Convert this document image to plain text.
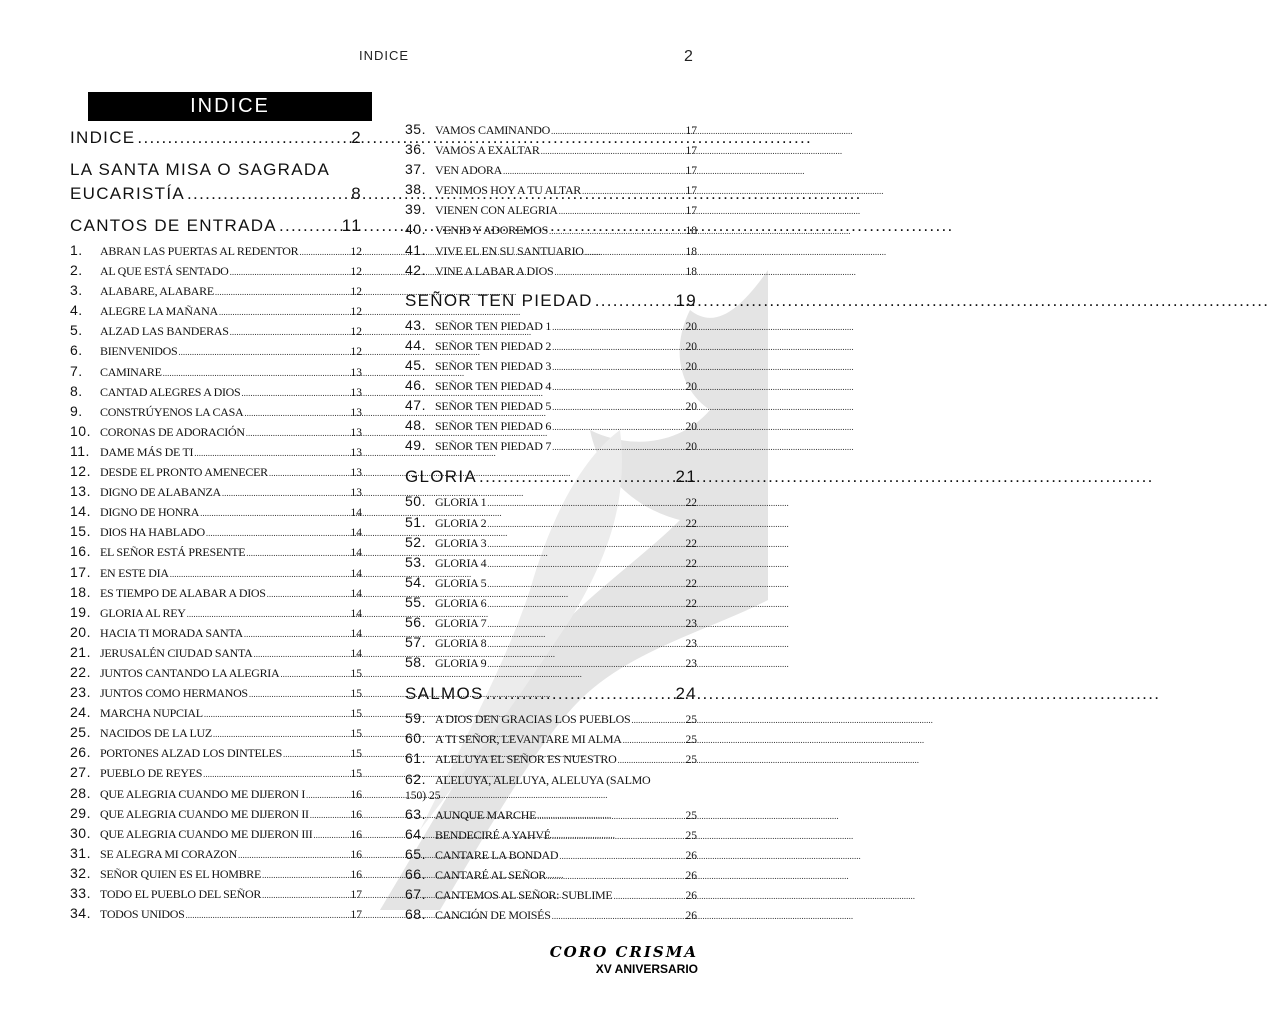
INDICE	2
INDICE
INDICE .....	2
LA SANTA MISA O SAGRADA
EUCARISTÍA .....	8
CANTOS DE ENTRADA .....	11
1.	ABRAN LAS PUERTAS AL REDENTOR .....	12
2.	AL QUE ESTÁ SENTADO .....	12
3.	ALABARE, ALABARE .....	12
4.	ALEGRE LA MAÑANA .....	12
5.	ALZAD LAS BANDERAS .....	12
6.	BIENVENIDOS .....	12
7.	CAMINARE .....	13
8.	CANTAD ALEGRES A DIOS .....	13
9.	CONSTRÚYENOS LA CASA .....	13
10. CORONAS DE ADORACIÓN .....	13
11. DAME MÁS DE TI .....	13
12. DESDE EL PRONTO AMENECER .....	13
13. DIGNO DE ALABANZA .....	13
14. DIGNO DE HONRA .....	14
15. DIOS HA HABLADO .....	14
16. EL SEÑOR ESTÁ PRESENTE .....	14
17. EN ESTE DIA .....	14
18. ES TIEMPO DE ALABAR A DIOS .....	14
19. GLORIA AL REY .....	14
20. HACIA TI MORADA SANTA .....	14
21. JERUSALÉN CIUDAD SANTA .....	14
22. JUNTOS CANTANDO LA ALEGRIA .....	15
23. JUNTOS COMO HERMANOS .....	15
24. MARCHA NUPCIAL .....	15
25. NACIDOS DE LA LUZ .....	15
26. PORTONES ALZAD LOS DINTELES .....	15
27. PUEBLO DE REYES .....	15
28. QUE ALEGRIA CUANDO ME DIJERON I .....	16
29. QUE ALEGRIA CUANDO ME DIJERON II .....	16
30. QUE ALEGRIA CUANDO ME DIJERON III .....	16
31. SE ALEGRA MI CORAZON .....	16
32. SEÑOR QUIEN ES EL HOMBRE .....	16
33. TODO EL PUEBLO DEL SEÑOR .....	17
34. TODOS UNIDOS .....	17
35. VAMOS CAMINANDO .....	17
36. VAMOS A EXALTAR .....	17
37. VEN ADORA .....	17
38. VENIMOS HOY A TU ALTAR .....	17
39. VIENEN CON ALEGRIA .....	17
40. VENID Y ADOREMOS .....	18
41. VIVE EL EN SU SANTUARIO .....	18
42. VINE A LABAR A DIOS .....	18
SEÑOR TEN PIEDAD .....	19
43. SEÑOR TEN PIEDAD 1 .....	20
44. SEÑOR TEN PIEDAD 2 .....	20
45. SEÑOR TEN PIEDAD 3 .....	20
46. SEÑOR TEN PIEDAD 4 .....	20
47. SEÑOR TEN PIEDAD 5 .....	20
48. SEÑOR TEN PIEDAD 6 .....	20
49. SEÑOR TEN PIEDAD 7 .....	20
GLORIA .....	21
50. GLORIA 1 .....	22
51. GLORIA 2 .....	22
52. GLORIA 3 .....	22
53. GLORIA 4 .....	22
54. GLORIA 5 .....	22
55. GLORIA 6 .....	22
56. GLORIA 7 .....	23
57. GLORIA 8 .....	23
58. GLORIA 9 .....	23
SALMOS .....	24
59. A DIOS DEN GRACIAS LOS PUEBLOS .....	25
60. A TI SEÑOR, LEVANTARE MI ALMA .....	25
61. ALELUYA EL SEÑOR ES NUESTRO .....	25
62. ALELUYA, ALELUYA, ALELUYA (SALMO
150) 25
63. AUNQUE MARCHE .....	25
64. BENDECIRÉ A YAHVÉ .....	25
65. CANTARE LA BONDAD .....	26
66. CANTARÉ AL SEÑOR .....	26
67. CANTEMOS AL SEÑOR: SUBLIME .....	26
68. CANCIÓN DE MOISÉS .....	26
CORO CRISMA
XV ANIVERSARIO
